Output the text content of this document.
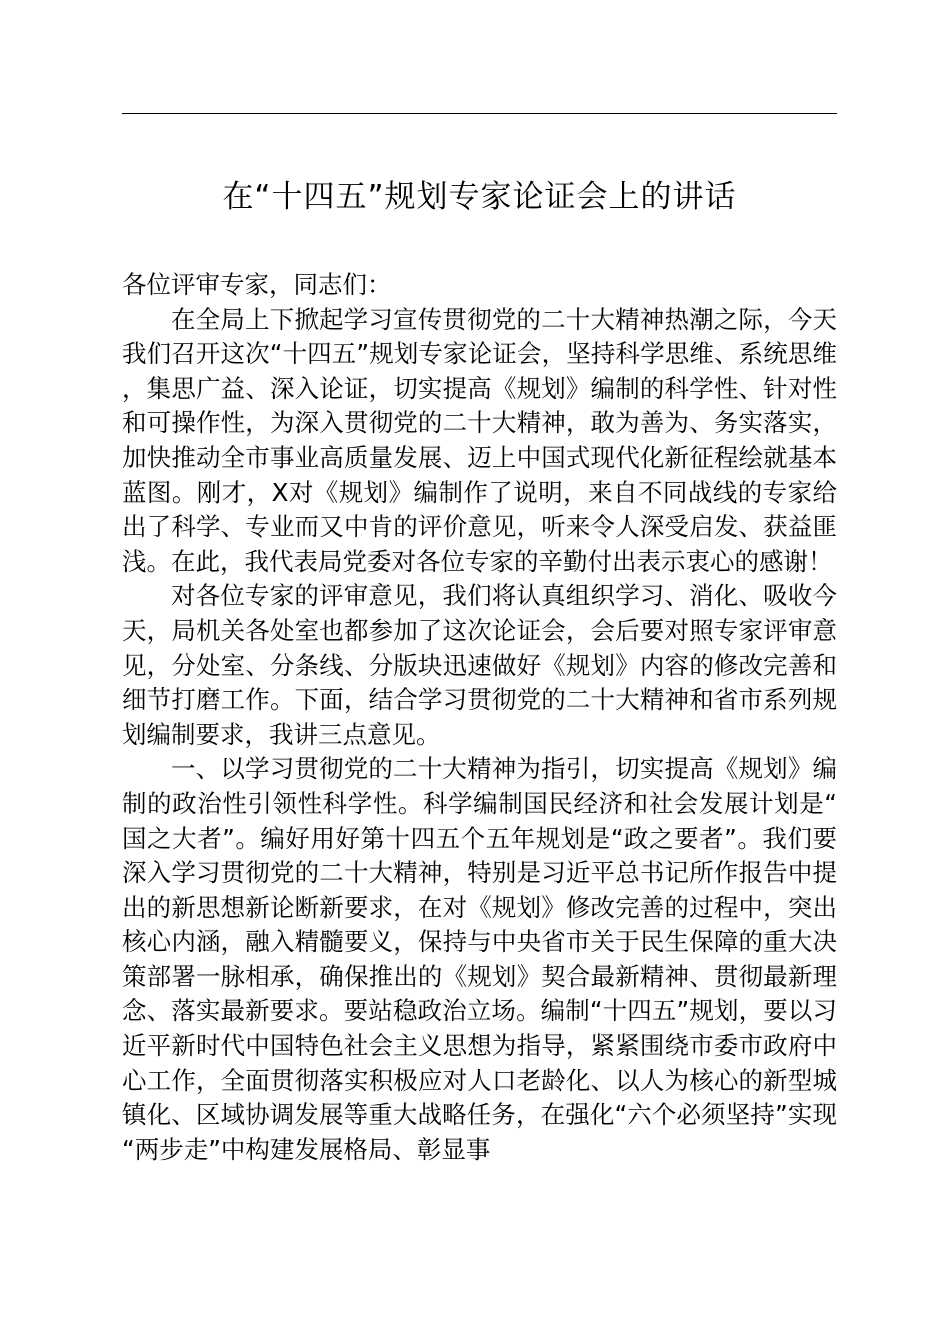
在“十四五”规划专家论证会上的讲话

各位评审专家，同志们：

在全局上下掀起学习宣传贯彻党的二十大精神热潮之际，今天我们召开这次“十四五”规划专家论证会，坚持科学思维、系统思维，集思广益、深入论证，切实提高《规划》编制的科学性、针对性和可操作性，为深入贯彻党的二十大精神，敢为善为、务实落实，加快推动全市事业高质量发展、迈上中国式现代化新征程绘就基本蓝图。刚才，X对《规划》编制作了说明，来自不同战线的专家给出了科学、专业而又中肯的评价意见，听来令人深受启发、获益匪浅。在此，我代表局党委对各位专家的辛勤付出表示衷心的感谢！

对各位专家的评审意见，我们将认真组织学习、消化、吸收今天，局机关各处室也都参加了这次论证会，会后要对照专家评审意见，分处室、分条线、分版块迅速做好《规划》内容的修改完善和细节打磨工作。下面，结合学习贯彻党的二十大精神和省市系列规划编制要求，我讲三点意见。

一、以学习贯彻党的二十大精神为指引，切实提高《规划》编制的政治性引领性科学性。科学编制国民经济和社会发展计划是“国之大者”。编好用好第十四五个五年规划是“政之要者”。我们要深入学习贯彻党的二十大精神，特别是习近平总书记所作报告中提出的新思想新论断新要求，在对《规划》修改完善的过程中，突出核心内涵，融入精髓要义，保持与中央省市关于民生保障的重大决策部署一脉相承，确保推出的《规划》契合最新精神、贯彻最新理念、落实最新要求。要站稳政治立场。编制“十四五”规划，要以习近平新时代中国特色社会主义思想为指导，紧紧围绕市委市政府中心工作，全面贯彻落实积极应对人口老龄化、以人为核心的新型城镇化、区域协调发展等重大战略任务，在强化“六个必须坚持”实现“两步走”中构建发展格局、彰显事
